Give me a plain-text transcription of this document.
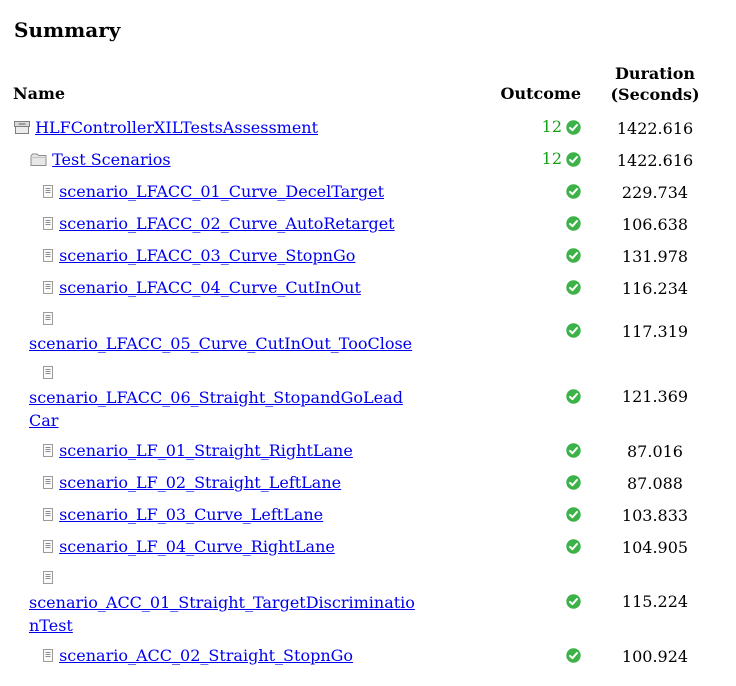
Summary
Name	Outcome	Duration
(Seconds)

HLFControllerXILTestsAssessment	12	1422.616

Test Scenarios	12	1422.616

scenario_LFACC_01_Curve_DecelTarget		229.734

scenario_LFACC_02_Curve_AutoRetarget		106.638

scenario_LFACC_03_Curve_StopnGo		131.978

scenario_LFACC_04_Curve_CutInOut		116.234

scenario_LFACC_05_Curve_CutInOut_TooClose		117.319

scenario_LFACC_06_Straight_StopandGoLeadCar		121.369

scenario_LF_01_Straight_RightLane		87.016

scenario_LF_02_Straight_LeftLane		87.088

scenario_LF_03_Curve_LeftLane		103.833

scenario_LF_04_Curve_RightLane		104.905

scenario_ACC_01_Straight_TargetDiscriminationTest		115.224

scenario_ACC_02_Straight_StopnGo		100.924
